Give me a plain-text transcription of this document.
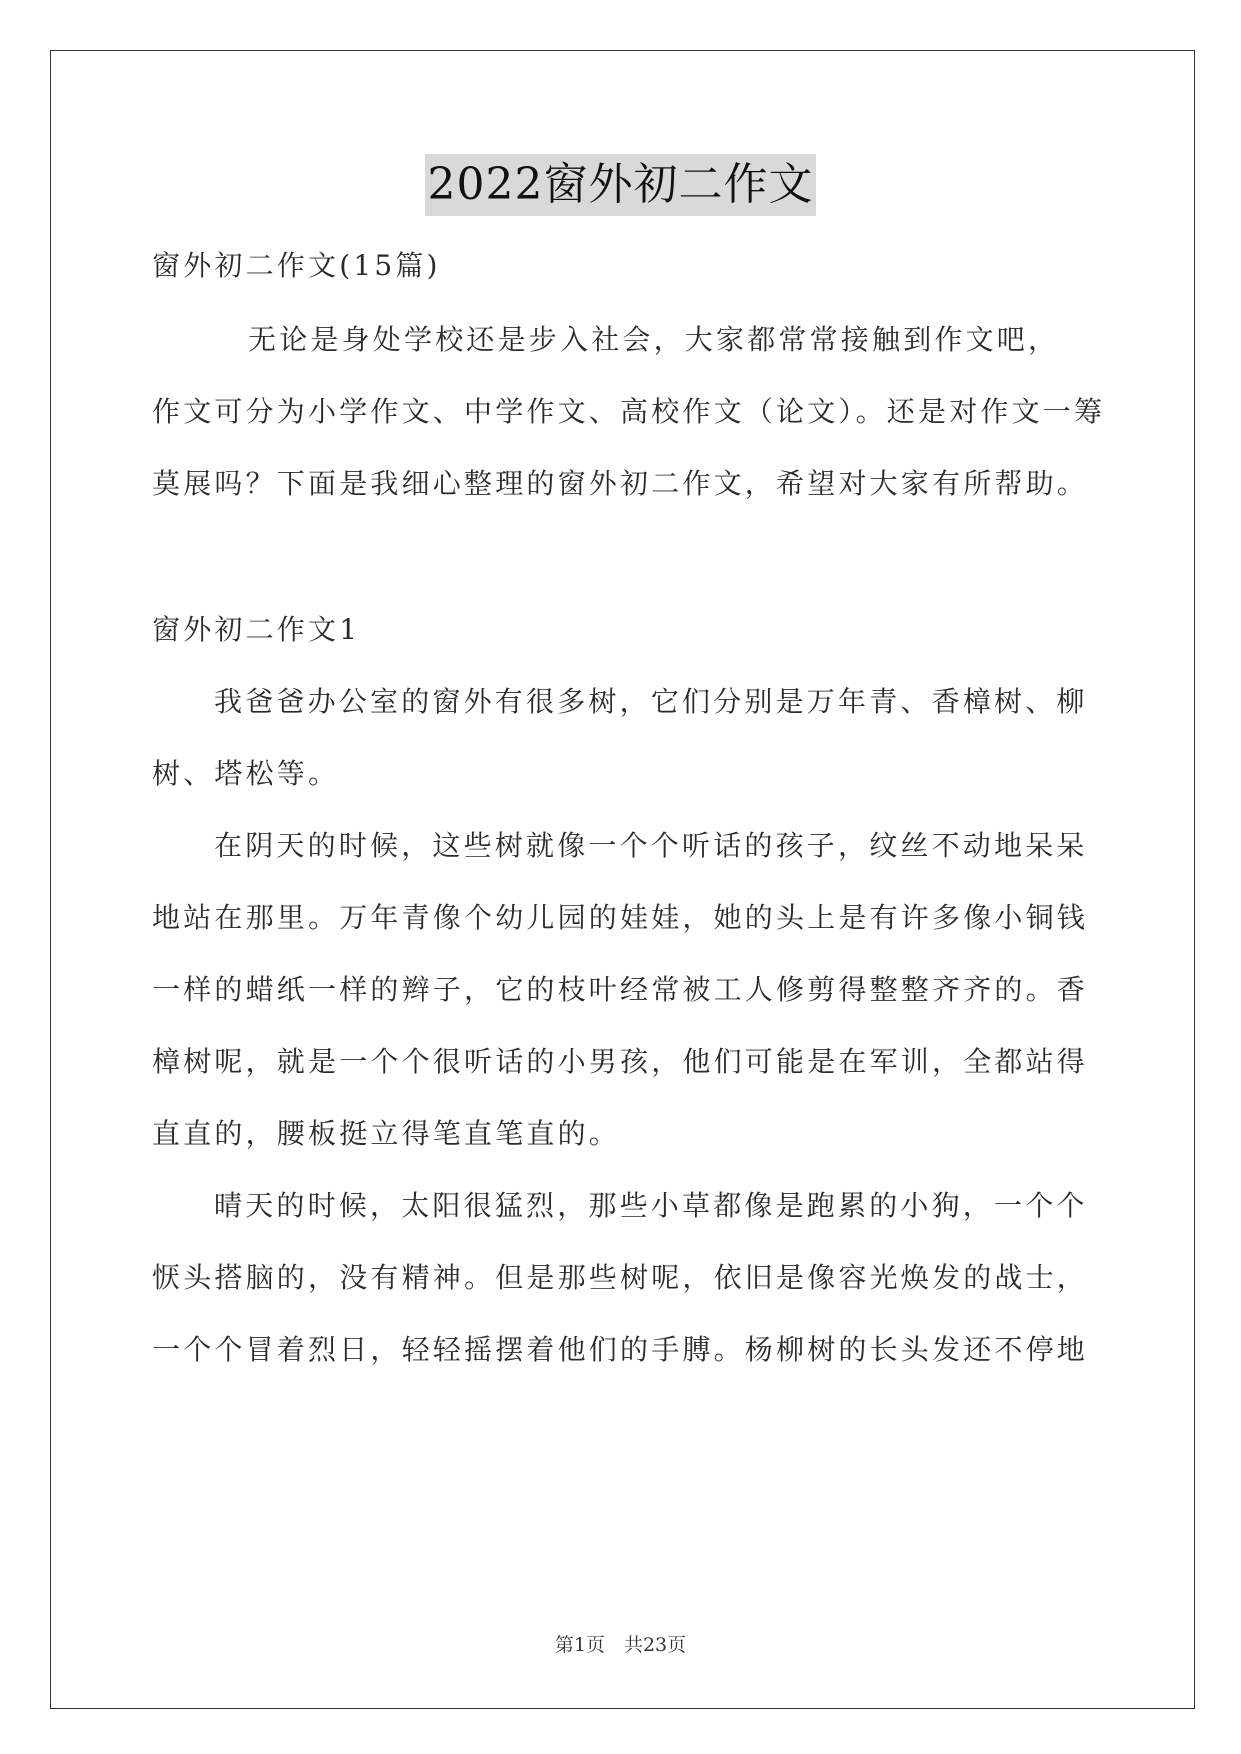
2022窗外初二作文
窗外初二作文(15篇)
无论是身处学校还是步入社会，大家都常常接触到作文吧，
作文可分为小学作文、中学作文、高校作文（论文）。还是对作文一筹
莫展吗？下面是我细心整理的窗外初二作文，希望对大家有所帮助。
窗外初二作文1
我爸爸办公室的窗外有很多树，它们分别是万年青、香樟树、柳
树、塔松等。
在阴天的时候，这些树就像一个个听话的孩子，纹丝不动地呆呆
地站在那里。万年青像个幼儿园的娃娃，她的头上是有许多像小铜钱
一样的蜡纸一样的辫子，它的枝叶经常被工人修剪得整整齐齐的。香
樟树呢，就是一个个很听话的小男孩，他们可能是在军训，全都站得
直直的，腰板挺立得笔直笔直的。
晴天的时候，太阳很猛烈，那些小草都像是跑累的小狗，一个个
恹头搭脑的，没有精神。但是那些树呢，依旧是像容光焕发的战士，
一个个冒着烈日，轻轻摇摆着他们的手膊。杨柳树的长头发还不停地
第1页　共23页
